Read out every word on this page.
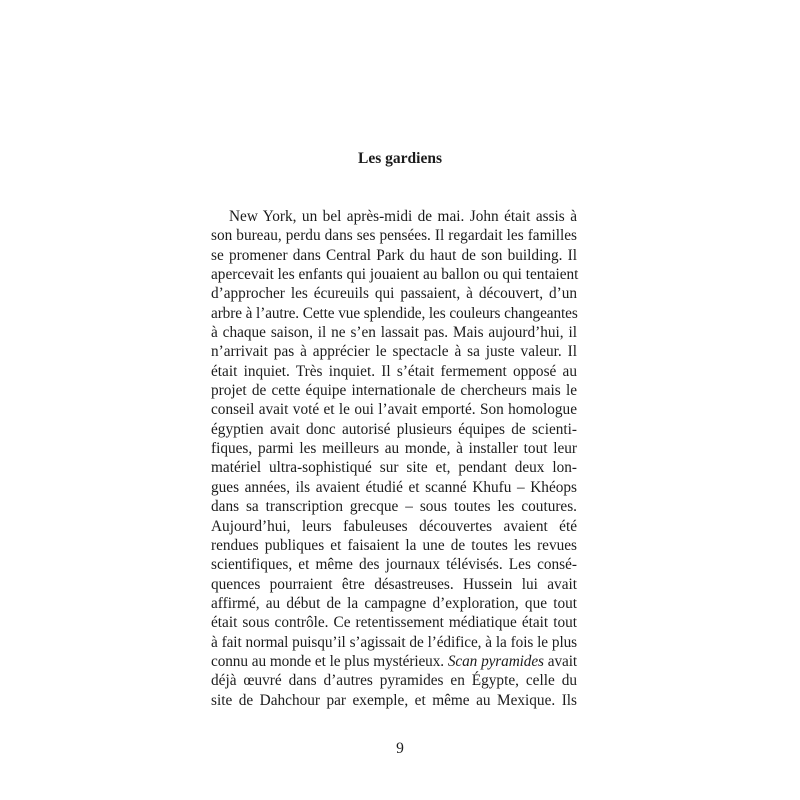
Les gardiens
New York, un bel après-midi de mai. John était assis à
son bureau, perdu dans ses pensées. Il regardait les familles
se promener dans Central Park du haut de son building. Il
apercevait les enfants qui jouaient au ballon ou qui tentaient
d’approcher les écureuils qui passaient, à découvert, d’un
arbre à l’autre. Cette vue splendide, les couleurs changeantes
à chaque saison, il ne s’en lassait pas. Mais aujourd’hui, il
n’arrivait pas à apprécier le spectacle à sa juste valeur. Il
était inquiet. Très inquiet. Il s’était fermement opposé au
projet de cette équipe internationale de chercheurs mais le
conseil avait voté et le oui l’avait emporté. Son homologue
égyptien avait donc autorisé plusieurs équipes de scienti-
fiques, parmi les meilleurs au monde, à installer tout leur
matériel ultra-sophistiqué sur site et, pendant deux lon-
gues années, ils avaient étudié et scanné Khufu – Khéops
dans sa transcription grecque – sous toutes les coutures.
Aujourd’hui, leurs fabuleuses découvertes avaient été
rendues publiques et faisaient la une de toutes les revues
scientifiques, et même des journaux télévisés. Les consé-
quences pourraient être désastreuses. Hussein lui avait
affirmé, au début de la campagne d’exploration, que tout
était sous contrôle. Ce retentissement médiatique était tout
à fait normal puisqu’il s’agissait de l’édifice, à la fois le plus
connu au monde et le plus mystérieux. Scan pyramides avait
déjà œuvré dans d’autres pyramides en Égypte, celle du
site de Dahchour par exemple, et même au Mexique. Ils

9
